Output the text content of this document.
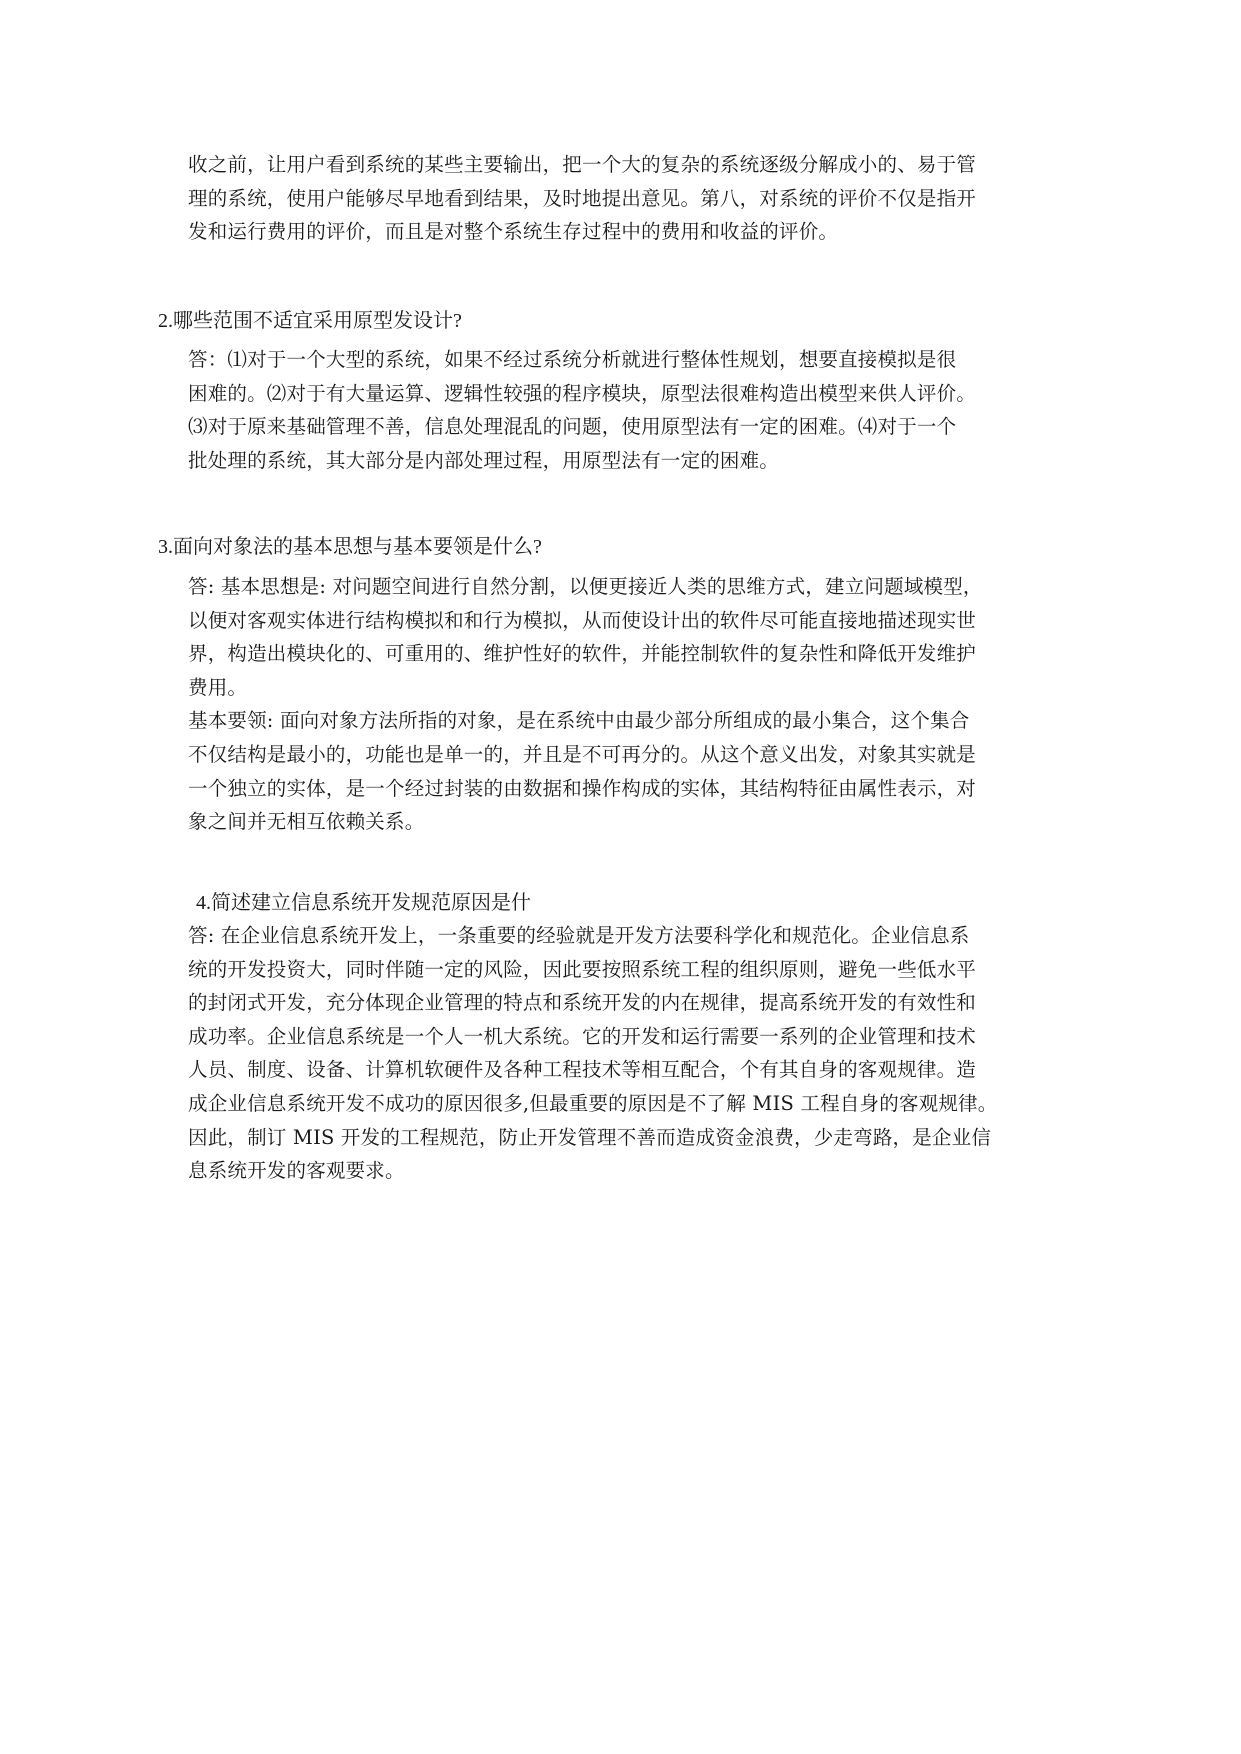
收之前，让用户看到系统的某些主要输出，把一个大的复杂的系统逐级分解成小的、易于管
理的系统，使用户能够尽早地看到结果，及时地提出意见。第八，对系统的评价不仅是指开
发和运行费用的评价，而且是对整个系统生存过程中的费用和收益的评价。
2.哪些范围不适宜采用原型发设计?
答：⑴对于一个大型的系统，如果不经过系统分析就进行整体性规划，想要直接模拟是很
困难的。⑵对于有大量运算、逻辑性较强的程序模块，原型法很难构造出模型来供人评价。
⑶对于原来基础管理不善，信息处理混乱的问题，使用原型法有一定的困难。⑷对于一个
批处理的系统，其大部分是内部处理过程，用原型法有一定的困难。
3.面向对象法的基本思想与基本要领是什么?
答: 基本思想是: 对问题空间进行自然分割，以便更接近人类的思维方式，建立问题域模型，
以便对客观实体进行结构模拟和和行为模拟，从而使设计出的软件尽可能直接地描述现实世
界，构造出模块化的、可重用的、维护性好的软件，并能控制软件的复杂性和降低开发维护
费用。
基本要领: 面向对象方法所指的对象，是在系统中由最少部分所组成的最小集合，这个集合
不仅结构是最小的，功能也是单一的，并且是不可再分的。从这个意义出发，对象其实就是
一个独立的实体，是一个经过封装的由数据和操作构成的实体，其结构特征由属性表示，对
象之间并无相互依赖关系。
4.简述建立信息系统开发规范原因是什
答: 在企业信息系统开发上，一条重要的经验就是开发方法要科学化和规范化。企业信息系
统的开发投资大，同时伴随一定的风险，因此要按照系统工程的组织原则，避免一些低水平
的封闭式开发，充分体现企业管理的特点和系统开发的内在规律，提高系统开发的有效性和
成功率。企业信息系统是一个人一机大系统。它的开发和运行需要一系列的企业管理和技术
人员、制度、设备、计算机软硬件及各种工程技术等相互配合，个有其自身的客观规律。造
成企业信息系统开发不成功的原因很多,但最重要的原因是不了解 MIS 工程自身的客观规律。
因此，制订 MIS 开发的工程规范，防止开发管理不善而造成资金浪费，少走弯路，是企业信
息系统开发的客观要求。
